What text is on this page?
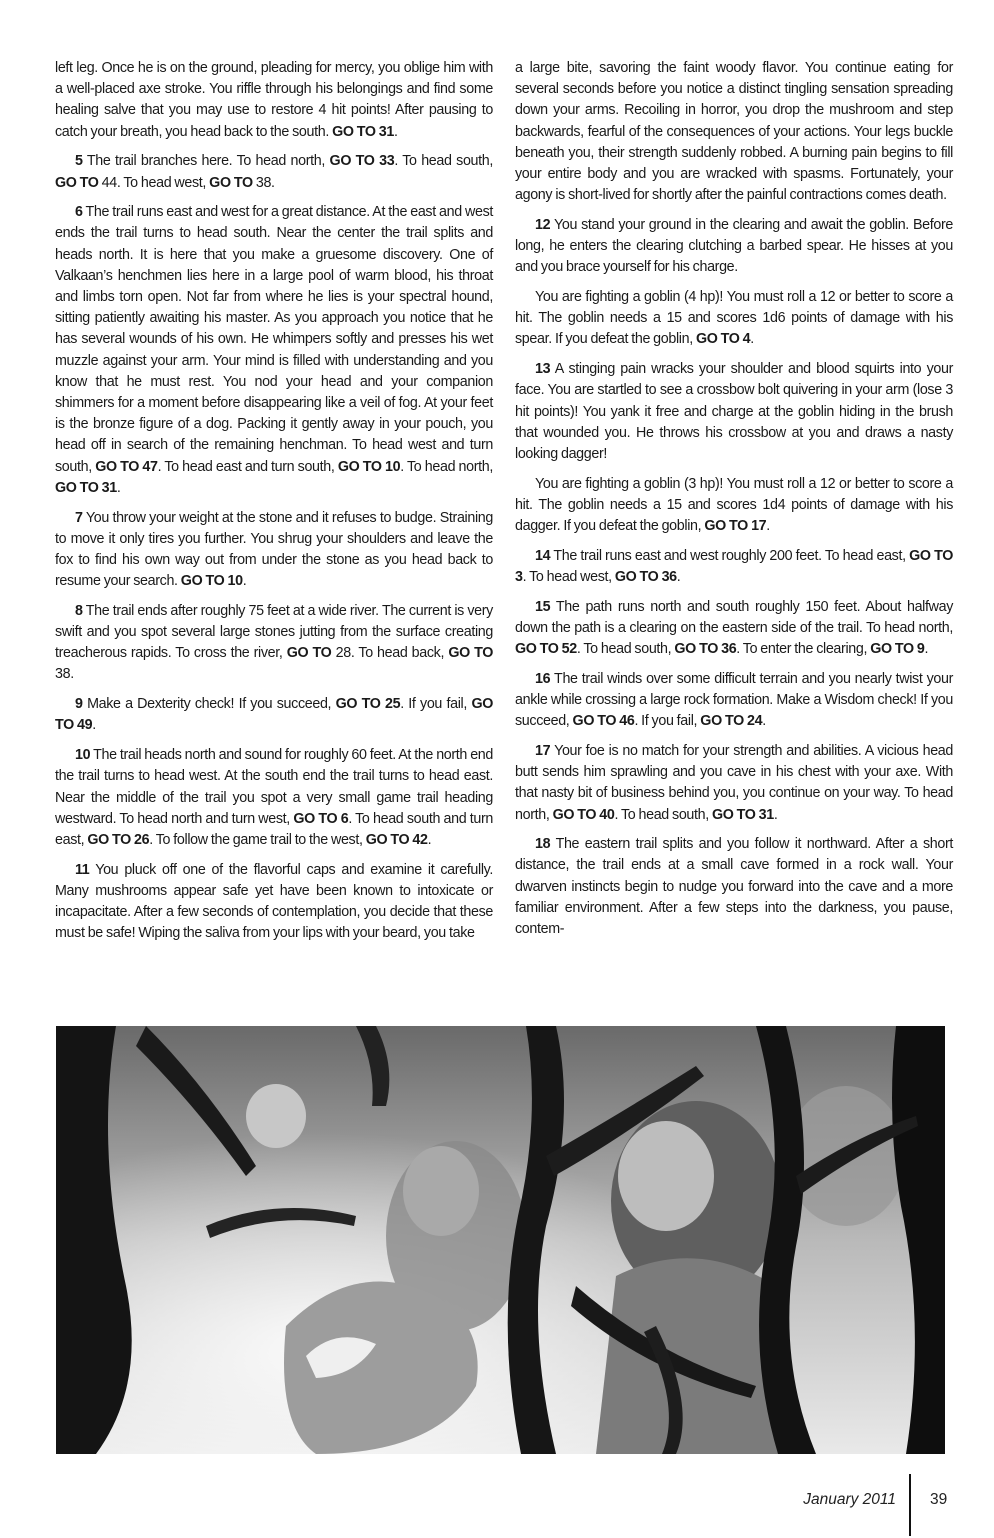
left leg. Once he is on the ground, pleading for mercy, you oblige him with a well-placed axe stroke. You riffle through his belongings and find some healing salve that you may use to restore 4 hit points! After pausing to catch your breath, you head back to the south. GO TO 31.

5 The trail branches here. To head north, GO TO 33. To head south, GO TO 44. To head west, GO TO 38.

6 The trail runs east and west for a great distance. At the east and west ends the trail turns to head south. Near the center the trail splits and heads north. It is here that you make a gruesome discovery. One of Valkaan’s henchmen lies here in a large pool of warm blood, his throat and limbs torn open. Not far from where he lies is your spectral hound, sitting patiently awaiting his master. As you approach you notice that he has several wounds of his own. He whimpers softly and presses his wet muzzle against your arm. Your mind is filled with understanding and you know that he must rest. You nod your head and your companion shimmers for a moment before disappearing like a veil of fog. At your feet is the bronze figure of a dog. Packing it gently away in your pouch, you head off in search of the remaining henchman. To head west and turn south, GO TO 47. To head east and turn south, GO TO 10. To head north, GO TO 31.

7 You throw your weight at the stone and it refuses to budge. Straining to move it only tires you further. You shrug your shoulders and leave the fox to find his own way out from under the stone as you head back to resume your search. GO TO 10.

8 The trail ends after roughly 75 feet at a wide river. The current is very swift and you spot several large stones jutting from the surface creating treacherous rapids. To cross the river, GO TO 28. To head back, GO TO 38.

9 Make a Dexterity check! If you succeed, GO TO 25. If you fail, GO TO 49.

10 The trail heads north and sound for roughly 60 feet. At the north end the trail turns to head west. At the south end the trail turns to head east. Near the middle of the trail you spot a very small game trail heading westward. To head north and turn west, GO TO 6. To head south and turn east, GO TO 26. To follow the game trail to the west, GO TO 42.

11 You pluck off one of the flavorful caps and examine it carefully. Many mushrooms appear safe yet have been known to intoxicate or incapacitate. After a few seconds of contemplation, you decide that these must be safe! Wiping the saliva from your lips with your beard, you take

a large bite, savoring the faint woody flavor. You continue eating for several seconds before you notice a distinct tingling sensation spreading down your arms. Recoiling in horror, you drop the mushroom and step backwards, fearful of the consequences of your actions. Your legs buckle beneath you, their strength suddenly robbed. A burning pain begins to fill your entire body and you are wracked with spasms. Fortunately, your agony is short-lived for shortly after the painful contractions comes death.

12 You stand your ground in the clearing and await the goblin. Before long, he enters the clearing clutching a barbed spear. He hisses at you and you brace yourself for his charge.

You are fighting a goblin (4 hp)! You must roll a 12 or better to score a hit. The goblin needs a 15 and scores 1d6 points of damage with his spear. If you defeat the goblin, GO TO 4.

13 A stinging pain wracks your shoulder and blood squirts into your face. You are startled to see a crossbow bolt quivering in your arm (lose 3 hit points)! You yank it free and charge at the goblin hiding in the brush that wounded you. He throws his crossbow at you and draws a nasty looking dagger!

You are fighting a goblin (3 hp)! You must roll a 12 or better to score a hit. The goblin needs a 15 and scores 1d4 points of damage with his dagger. If you defeat the goblin, GO TO 17.

14 The trail runs east and west roughly 200 feet. To head east, GO TO 3. To head west, GO TO 36.

15 The path runs north and south roughly 150 feet. About halfway down the path is a clearing on the eastern side of the trail. To head north, GO TO 52. To head south, GO TO 36. To enter the clearing, GO TO 9.

16 The trail winds over some difficult terrain and you nearly twist your ankle while crossing a large rock formation. Make a Wisdom check! If you succeed, GO TO 46. If you fail, GO TO 24.

17 Your foe is no match for your strength and abilities. A vicious head butt sends him sprawling and you cave in his chest with your axe. With that nasty bit of business behind you, you continue on your way. To head north, GO TO 40. To head south, GO TO 31.

18 The eastern trail splits and you follow it northward. After a short distance, the trail ends at a small cave formed in a rock wall. Your dwarven instincts begin to nudge you forward into the cave and a more familiar environment. After a few steps into the darkness, you pause, contem-

January 2011 39
